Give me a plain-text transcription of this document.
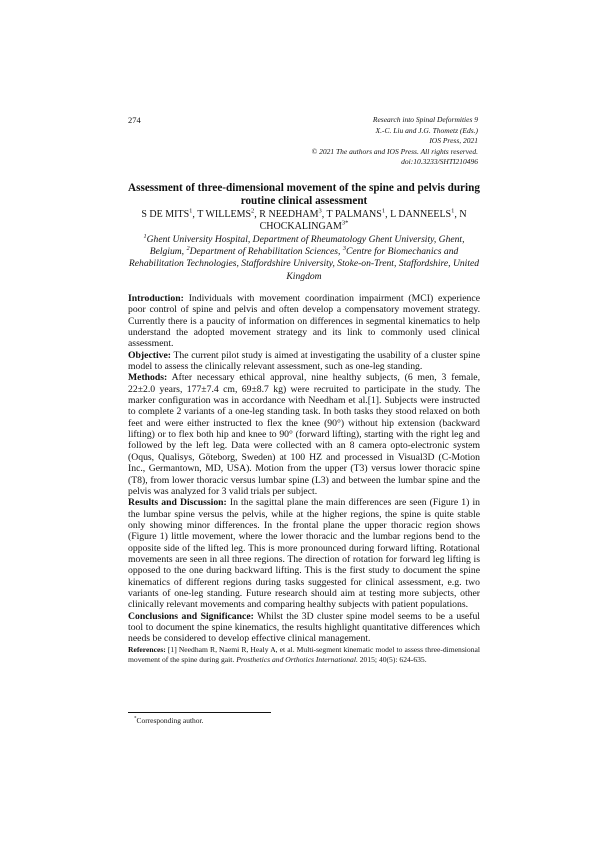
274	Research into Spinal Deformities 9
X.-C. Liu and J.G. Thometz (Eds.)
IOS Press, 2021
© 2021 The authors and IOS Press. All rights reserved.
doi:10.3233/SHTI210496
Assessment of three-dimensional movement of the spine and pelvis during routine clinical assessment
S DE MITS$^1$, T WILLEMS$^2$, R NEEDHAM$^3$, T PALMANS$^1$, L DANNEELS$^1$, N $CHOCKALINGAM^{3*}$
$^1$Ghent University Hospital, Department of Rheumatology Ghent University, Ghent, Belgium, $^2$Department of Rehabilitation Sciences, $^3$Centre for Biomechanics and Rehabilitation Technologies, Staffordshire University, Stoke-on-Trent, Staffordshire, United Kingdom

Introduction: Individuals with movement coordination impairment (MCI) experience poor control of spine and pelvis and often develop a compensatory movement strategy. Currently there is a paucity of information on differences in segmental kinematics to help understand the adopted movement strategy and its link to commonly used clinical assessment.

Objective: The current pilot study is aimed at investigating the usability of a cluster spine model to assess the clinically relevant assessment, such as one-leg standing.

Methods: After necessary ethical approval, nine healthy subjects, (6 men, 3 female, 22±2.0 years, 177±7.4 cm, 69±8.7 kg) were recruited to participate in the study. The marker configuration was in accordance with Needham et al.[1]. Subjects were instructed to complete 2 variants of a one-leg standing task. In both tasks they stood relaxed on both feet and were either instructed to flex the knee (90°) without hip extension (backward lifting) or to flex both hip and knee to 90° (forward lifting), starting with the right leg and followed by the left leg. Data were collected with an 8 camera opto-electronic system (Oqus, Qualisys, Göteborg, Sweden) at 100 HZ and processed in Visual3D (C-Motion Inc., Germantown, MD, USA). Motion from the upper (T3) versus lower thoracic spine (T8), from lower thoracic versus lumbar spine (L3) and between the lumbar spine and the pelvis was analyzed for 3 valid trials per subject.

Results and Discussion: In the sagittal plane the main differences are seen (Figure 1) in the lumbar spine versus the pelvis, while at the higher regions, the spine is quite stable only showing minor differences. In the frontal plane the upper thoracic region shows (Figure 1) little movement, where the lower thoracic and the lumbar regions bend to the opposite side of the lifted leg. This is more pronounced during forward lifting. Rotational movements are seen in all three regions. The direction of rotation for forward leg lifting is opposed to the one during backward lifting. This is the first study to document the spine kinematics of different regions during tasks suggested for clinical assessment, e.g. two variants of one-leg standing. Future research should aim at testing more subjects, other clinically relevant movements and comparing healthy subjects with patient populations.

Conclusions and Significance: Whilst the 3D cluster spine model seems to be a useful tool to document the spine kinematics, the results highlight quantitative differences which needs be considered to develop effective clinical management.

References: [1] Needham R, Naemi R, Healy A, et al. Multi-segment kinematic model to assess three-dimensional movement of the spine during gait. Prosthetics and Orthotics International. 2015; 40(5): 624-635.

*Corresponding author.
